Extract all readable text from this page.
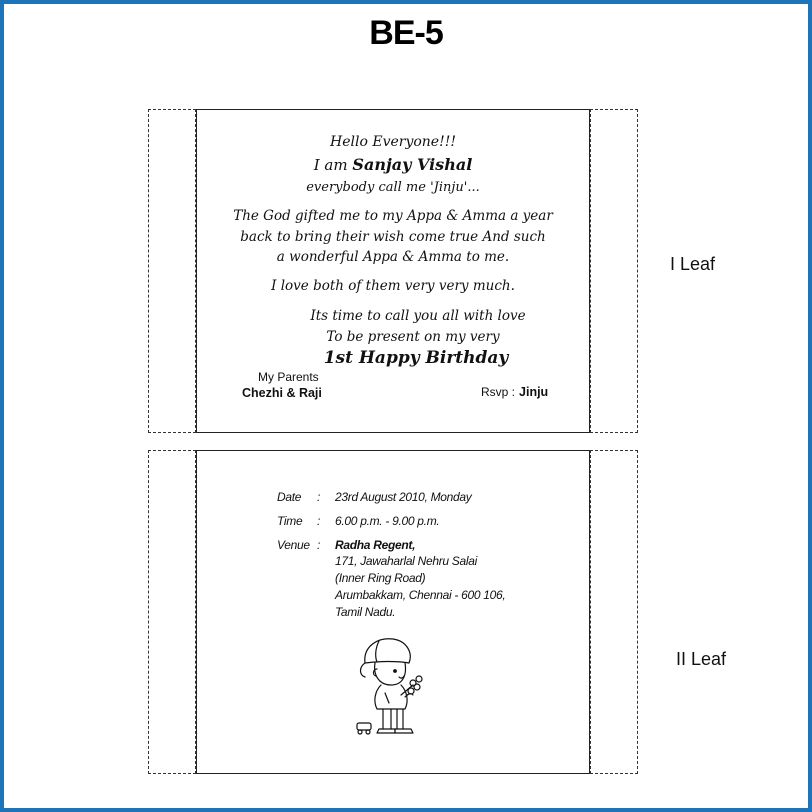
BE-5
Hello Everyone!!!
I am Sanjay Vishal
everybody call me 'Jinju'...
The God gifted me to my Appa & Amma a year
back to bring their wish come true And such
a wonderful Appa & Amma to me.
I love both of them very very much.
Its time to call you all with love
To be present on my very
1st Happy Birthday
My Parents
Chezhi & Raji	Rsvp : Jinju
I Leaf
Date : 23rd August 2010, Monday
Time : 6.00 p.m. - 9.00 p.m.
Venue : Radha Regent,
171, Jawaharlal Nehru Salai
(Inner Ring Road)
Arumbakkam, Chennai - 600 106,
Tamil Nadu.
II Leaf
